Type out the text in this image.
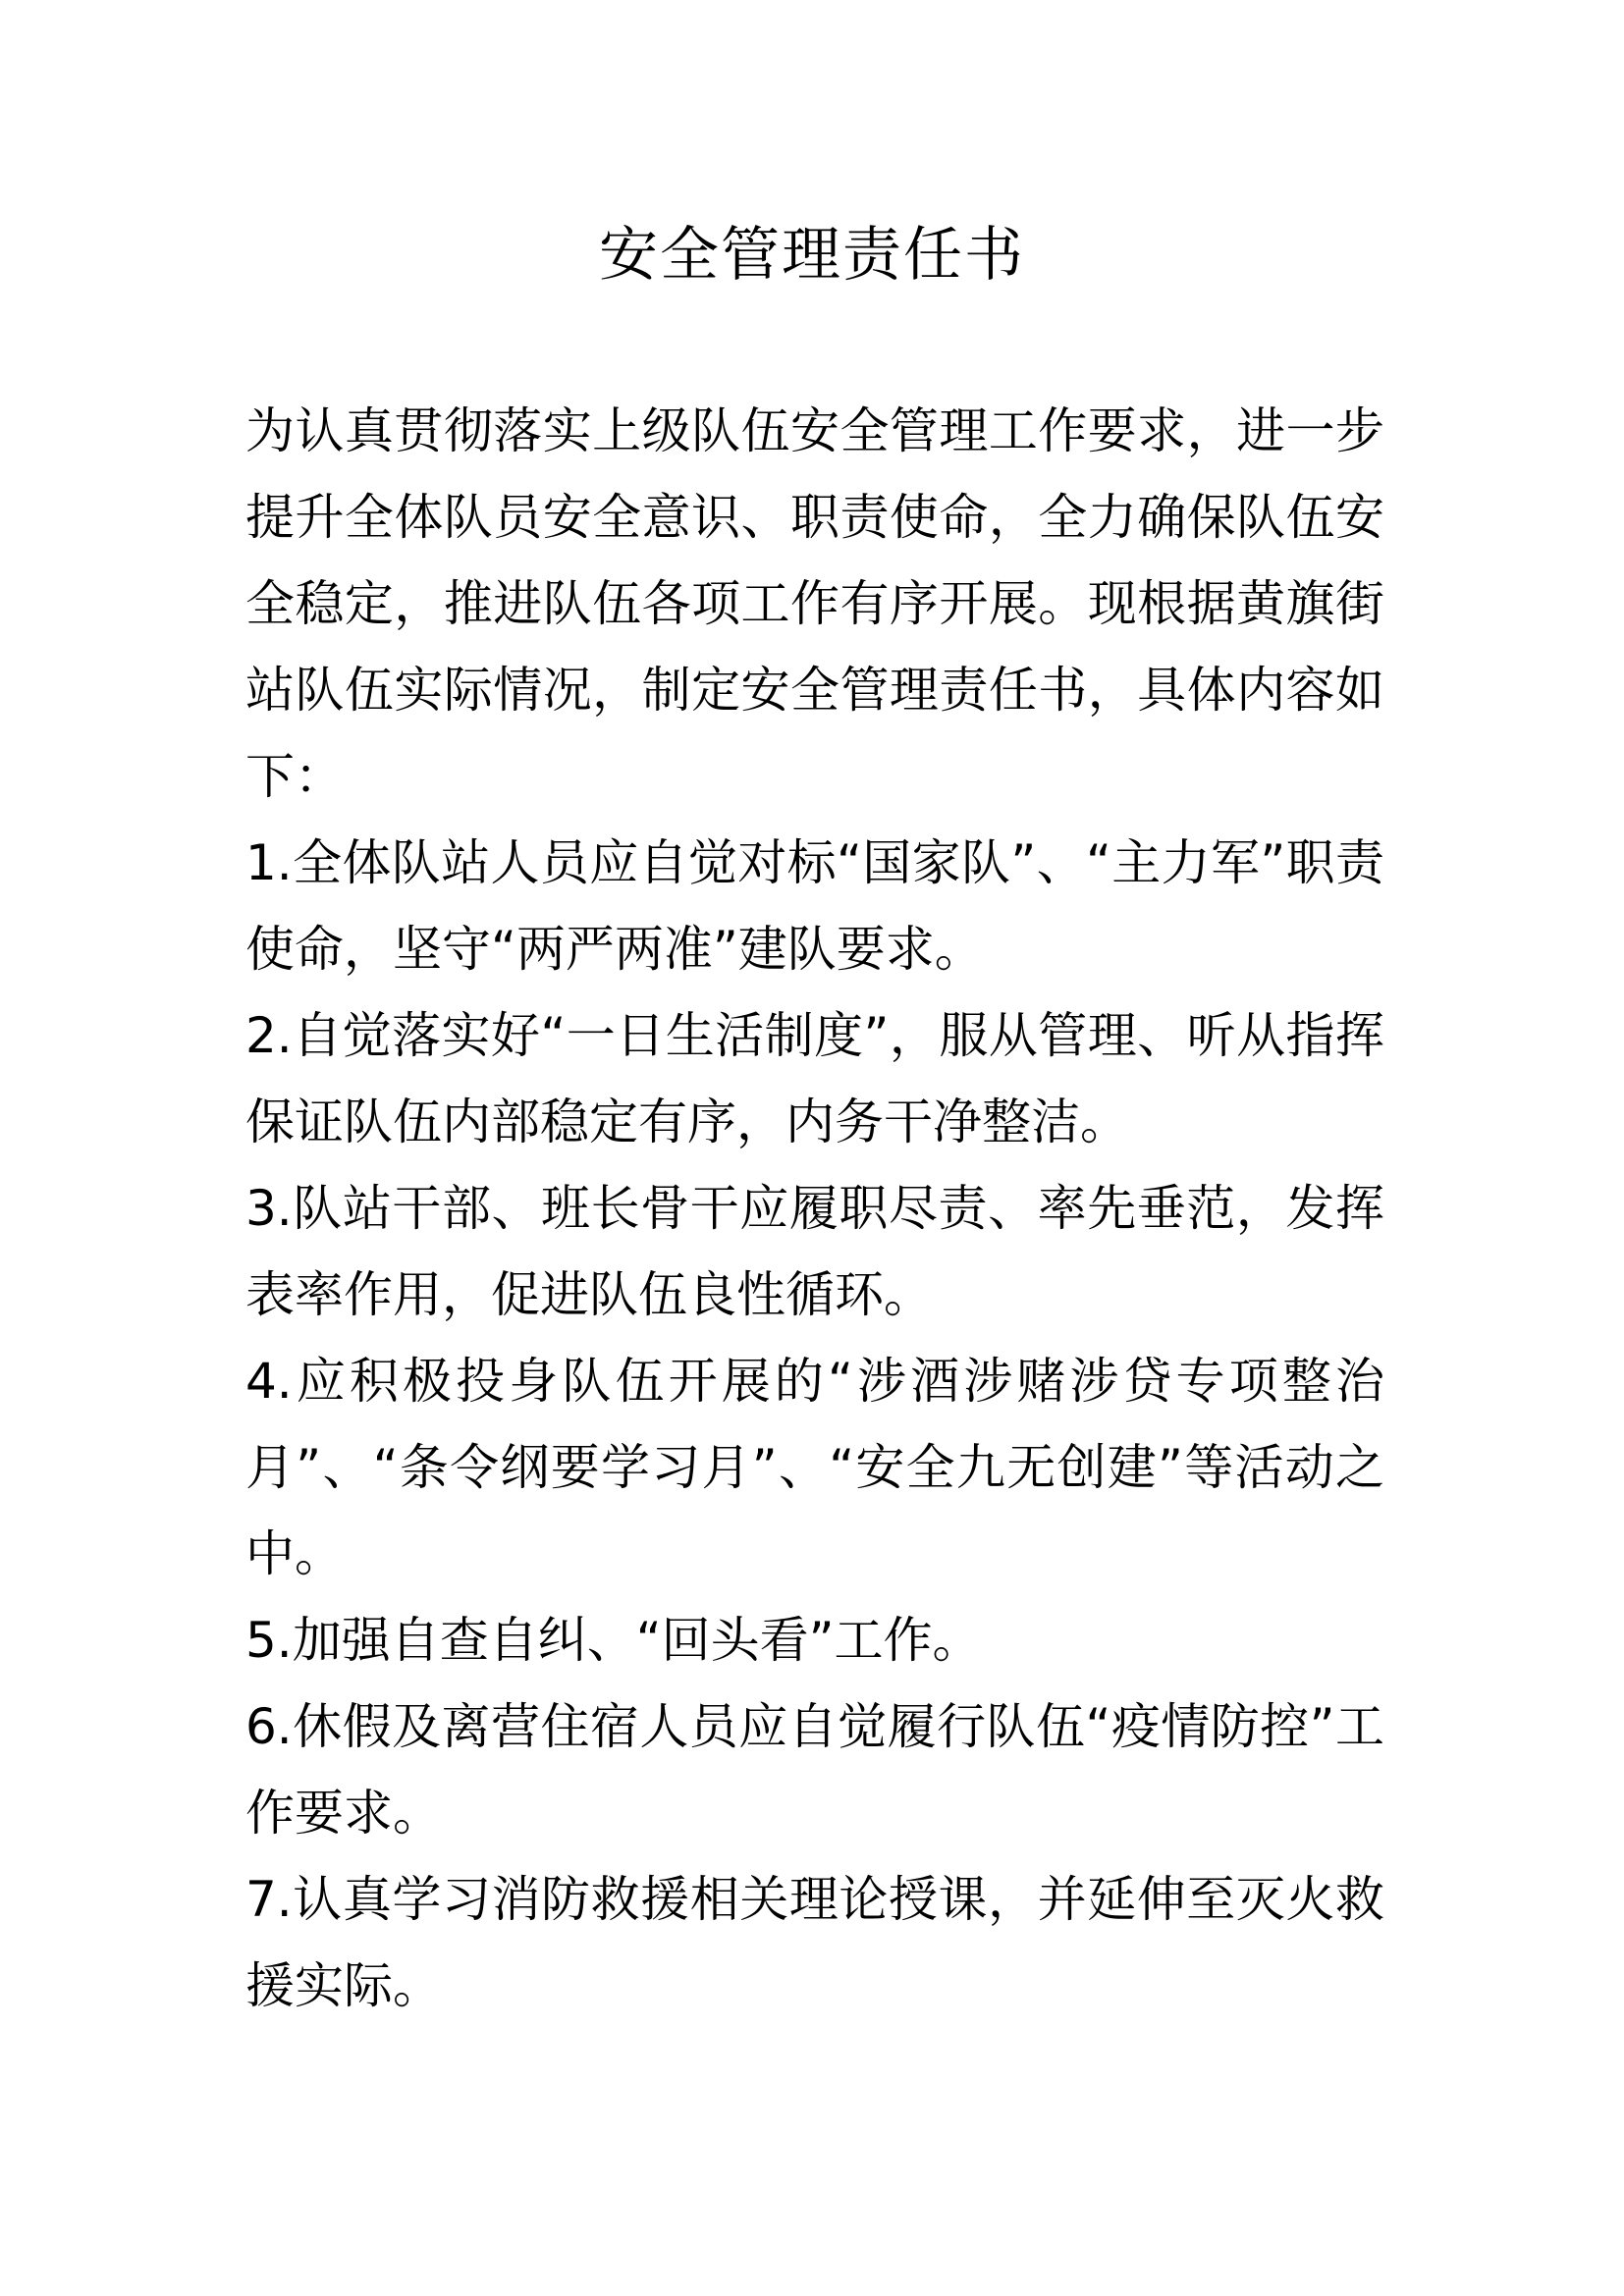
安全管理责任书

为认真贯彻落实上级队伍安全管理工作要求，进一步提升全体队员安全意识、职责使命，全力确保队伍安全稳定，推进队伍各项工作有序开展。现根据黄旗街站队伍实际情况，制定安全管理责任书，具体内容如下：

1.全体队站人员应自觉对标“国家队”、“主力军”职责使命，坚守“两严两准”建队要求。

2.自觉落实好“一日生活制度”，服从管理、听从指挥保证队伍内部稳定有序，内务干净整洁。

3.队站干部、班长骨干应履职尽责、率先垂范，发挥表率作用，促进队伍良性循环。

4.应积极投身队伍开展的“涉酒涉赌涉贷专项整治月”、“条令纲要学习月”、“安全九无创建”等活动之中。

5.加强自查自纠、“回头看”工作。

6.休假及离营住宿人员应自觉履行队伍“疫情防控”工作要求。

7.认真学习消防救援相关理论授课，并延伸至灭火救援实际。
